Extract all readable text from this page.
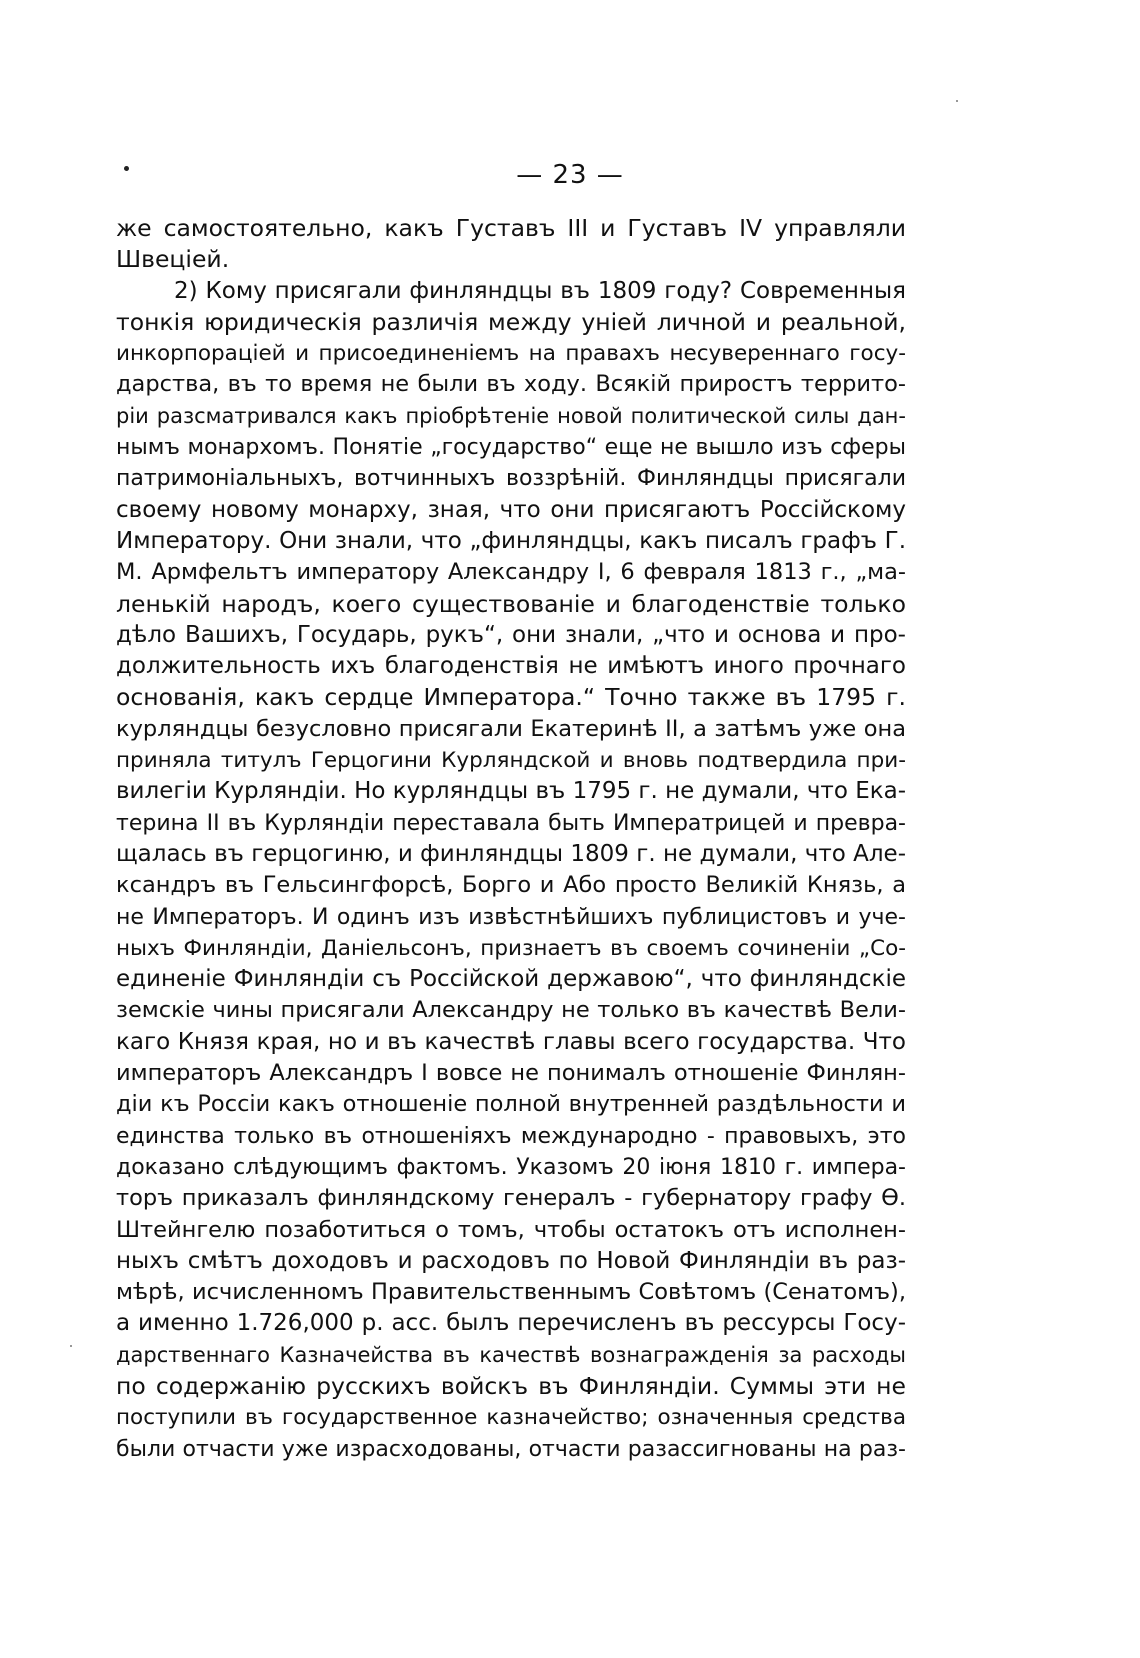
— 23 —
же самостоятельно, какъ Густавъ III и Густавъ IV управляли
Швеціей.
2) Кому присягали финляндцы въ 1809 году? Современныя
тонкія юридическія различія между уніей личной и реальной,
инкорпораціей и присоединеніемъ на правахъ несувереннаго госу-
дарства, въ то время не были въ ходу. Всякій приростъ террито-
ріи разсматривался какъ пріобрѣтеніе новой политической силы дан-
нымъ монархомъ. Понятіе „государство“ еще не вышло изъ сферы
патримоніальныхъ, вотчинныхъ воззрѣній. Финляндцы присягали
своему новому монарху, зная, что они присягаютъ Россійскому
Императору. Они знали, что „финляндцы, какъ писалъ графъ Г.
М. Армфельтъ императору Александру I, 6 февраля 1813 г., „ма-
ленькій народъ, коего существованіе и благоденствіе только
дѣло Вашихъ, Государь, рукъ“, они знали, „что и основа и про-
должительность ихъ благоденствія не имѣютъ иного прочнаго
основанія, какъ сердце Императора.“ Точно также въ 1795 г.
курляндцы безусловно присягали Екатеринѣ II, а затѣмъ уже она
приняла титулъ Герцогини Курляндской и вновь подтвердила при-
вилегіи Курляндіи. Но курляндцы въ 1795 г. не думали, что Ека-
терина II въ Курляндіи переставала быть Императрицей и превра-
щалась въ герцогиню, и финляндцы 1809 г. не думали, что Але-
ксандръ въ Гельсингфорсѣ, Борго и Або просто Великій Князь, а
не Императоръ. И одинъ изъ извѣстнѣйшихъ публицистовъ и уче-
ныхъ Финляндіи, Даніельсонъ, признаетъ въ своемъ сочиненіи „Со-
единеніе Финляндіи съ Россійской державою“, что финляндскіе
земскіе чины присягали Александру не только въ качествѣ Вели-
каго Князя края, но и въ качествѣ главы всего государства. Что
императоръ Александръ I вовсе не понималъ отношеніе Финлян-
діи къ Россіи какъ отношеніе полной внутренней раздѣльности и
единства только въ отношеніяхъ международно - правовыхъ, это
доказано слѣдующимъ фактомъ. Указомъ 20 іюня 1810 г. импера-
торъ приказалъ финляндскому генералъ - губернатору графу Ѳ.
Штейнгелю позаботиться о томъ, чтобы остатокъ отъ исполнен-
ныхъ смѣтъ доходовъ и расходовъ по Новой Финляндіи въ раз-
мѣрѣ, исчисленномъ Правительственнымъ Совѣтомъ (Сенатомъ),
а именно 1.726,000 р. асс. былъ перечисленъ въ рессурсы Госу-
дарственнаго Казначейства въ качествѣ вознагражденія за расходы
по содержанію русскихъ войскъ въ Финляндіи. Суммы эти не
поступили въ государственное казначейство; означенныя средства
были отчасти уже израсходованы, отчасти разассигнованы на раз-
